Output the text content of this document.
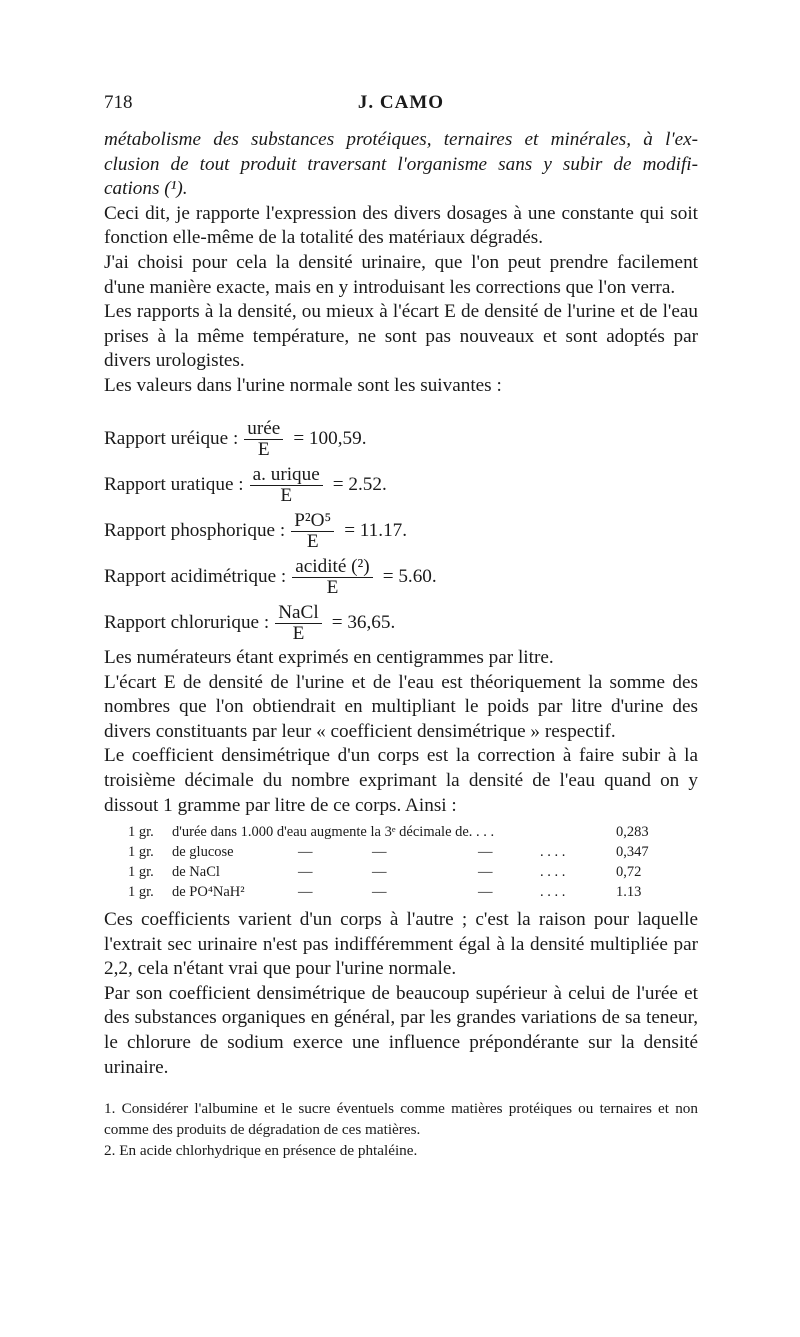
718	J. CAMO

métabolisme des substances protéiques, ternaires et minérales, à l'ex-
clusion de tout produit traversant l'organisme sans y subir de modifi-
cations (¹).

Ceci dit, je rapporte l'expression des divers dosages à une constante qui soit fonction elle-même de la totalité des matériaux dégradés.

J'ai choisi pour cela la densité urinaire, que l'on peut prendre facilement d'une manière exacte, mais en y introduisant les corrections que l'on verra.

Les rapports à la densité, ou mieux à l'écart E de densité de l'urine et de l'eau prises à la même température, ne sont pas nouveaux et sont adoptés par divers urologistes.

Les valeurs dans l'urine normale sont les suivantes :

Rapport uréique : $\frac{\text{urée}}{E} = 100,59$.
Rapport uratique : $\frac{\text{a. urique}}{E} = 2.52$.
Rapport phosphorique : $\frac{\text{P²O⁵}}{E} = 11.17$.
Rapport acidimétrique : $\frac{\text{acidité (²)}}{E} = 5.60$.
Rapport chlorurique : $\frac{\text{NaCl}}{E} = 36,65$.

Les numérateurs étant exprimés en centigrammes par litre.

L'écart E de densité de l'urine et de l'eau est théoriquement la somme des nombres que l'on obtiendrait en multipliant le poids par litre d'urine des divers constituants par leur « coefficient densimétrique » respectif.

Le coefficient densimétrique d'un corps est la correction à faire subir à la troisième décimale du nombre exprimant la densité de l'eau quand on y dissout 1 gramme par litre de ce corps. Ainsi :

1 gr. d'urée dans 1.000 d'eau augmente la 3ᵉ décimale de. . . .	0,283
1 gr. de glucose	—	—	—	. . . .	0,347
1 gr. de NaCl	—	—	—	. . . .	0,72
1 gr. de PO⁴NaH²	—	—	—	. . . .	1.13

Ces coefficients varient d'un corps à l'autre ; c'est la raison pour laquelle l'extrait sec urinaire n'est pas indifféremment égal à la densité multipliée par 2,2, cela n'étant vrai que pour l'urine normale.

Par son coefficient densimétrique de beaucoup supérieur à celui de l'urée et des substances organiques en général, par les grandes variations de sa teneur, le chlorure de sodium exerce une influence prépondérante sur la densité urinaire.

1. Considérer l'albumine et le sucre éventuels comme matières protéiques ou ternaires et non comme des produits de dégradation de ces matières.

2. En acide chlorhydrique en présence de phtaléine.
